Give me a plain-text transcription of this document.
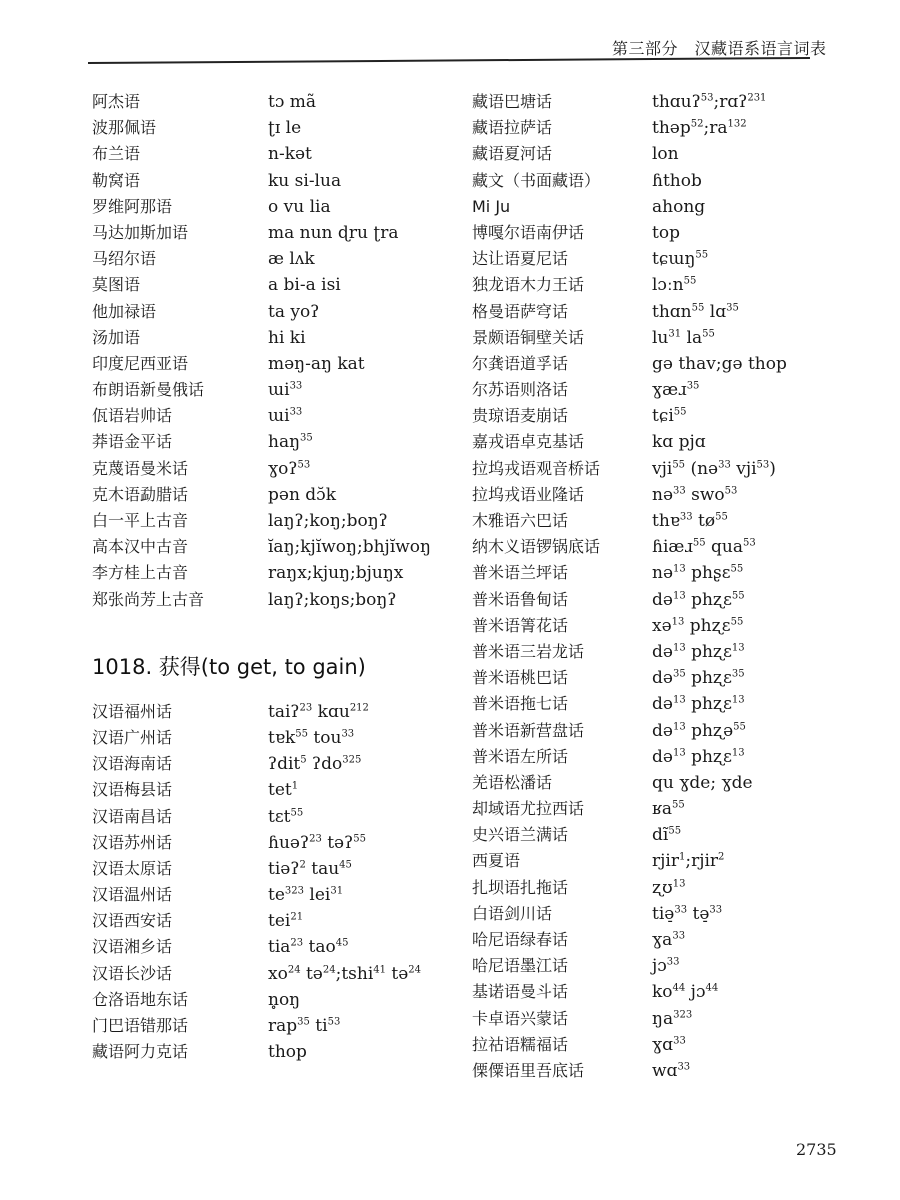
第三部分　汉藏语系语言词表
阿杰语	tɔ mã
波那佩语	ʈɪ le
布兰语	n-kət
勒窝语	ku si-lua
罗维阿那语	o vu lia
马达加斯加语	ma nun ɖru ʈra
马绍尔语	æ lʌk
莫图语	a bi-a isi
他加禄语	ta yoʔ
汤加语	hi ki
印度尼西亚语	məŋ-aŋ kat
布朗语新曼俄话	ɯi$^{33}$
佤语岩帅话	ɯi$^{33}$
莽语金平话	haŋ$^{35}$
克蔑语曼米话	ɣoʔ$^{53}$
克木语勐腊话	pən dɔ̆k
白一平上古音	laŋʔ;koŋ;boŋʔ
高本汉中古音	ĭaŋ;kjĭwoŋ;bhjĭwoŋ
李方桂上古音	raŋx;kjuŋ;bjuŋx
郑张尚芳上古音	laŋʔ;koŋs;boŋʔ
1018. 获得(to get, to gain)
汉语福州话	taiʔ$^{23}$ kɑu$^{212}$
汉语广州话	tɐk$^{55}$ tou$^{33}$
汉语海南话	ʔdit$^5$ ʔdo$^{325}$
汉语梅县话	tet$^1$
汉语南昌话	tɛt$^{55}$
汉语苏州话	ɦuəʔ$^{23}$ təʔ$^{55}$
汉语太原话	tiəʔ$^2$ tau$^{45}$
汉语温州话	$te^{323}$ lei$^{31}$
汉语西安话	tei$^{21}$
汉语湘乡话	tia$^{23}$ tao$^{45}$
汉语长沙话	$xo^{24}$ tə$^{24}$;tshi$^{41}$ tə$^{24}$
仓洛语地东话	n̥oŋ
门巴语错那话	rap$^{35}$ $ti^{53}$
藏语阿力克话	thop
藏语巴塘话	thɑuʔ$^{53}$;rɑʔ$^{231}$
藏语拉萨话	$thəp^{52};ra^{132}$
藏语夏河话	lon
藏文（书面藏语）	ɦthob
Mi Ju	ahong
博嘎尔语南伊话	top
达让语夏尼话	tɕɯŋ$^{55}$
独龙语木力王话	lɔːn$^{55}$
格曼语萨穹话	thɑn$^{55}$ lɑ$^{35}$
景颇语铜壁关话	$lu^{31}$ $la^{55}$
尔龚语道孚话	gə thav;gə thop
尔苏语则洛话	ɣæɹ$^{35}$
贵琼语麦崩话	tɕi$^{55}$
嘉戎语卓克基话	kɑ pjɑ
拉坞戎语观音桥话	vji$^{55}$ (nə$^{33}$ vji$^{53}$)
拉坞戎语业隆话	nə$^{33}$ swo$^{53}$
木雅语六巴话	thɐ$^{33}$ $tø^{55}$
纳木义语锣锅底话	ɦiæɹ$^{55}$ qua$^{53}$
普米语兰坪话	nə$^{13}$ phʂɛ$^{55}$
普米语鲁甸话	də$^{13}$ phʐɛ$^{55}$
普米语箐花话	xə$^{13}$ phʐɛ$^{55}$
普米语三岩龙话	də$^{13}$ phʐɛ$^{13}$
普米语桃巴话	də$^{35}$ phʐɛ$^{35}$
普米语拖七话	də$^{13}$ phʐɛ$^{13}$
普米语新营盘话	də$^{13}$ phʐə$^{55}$
普米语左所话	də$^{13}$ phʐɛ$^{13}$
羌语松潘话	qu ɣde; ɣde
却域语尤拉西话	ʁa$^{55}$
史兴语兰满话	$dĩ^{55}$
西夏语	rjir$^1$;rjir$^2$
扎坝语扎拖话	ʐʊ$^{13}$
白语剑川话	tiə̠$^{33}$ tə̠$^{33}$
哈尼语绿春话	ɣa$^{33}$
哈尼语墨江话	jɔ$^{33}$
基诺语曼斗话	$ko^{44}$ jɔ$^{44}$
卡卓语兴蒙话	$ŋa^{323}$
拉祜语糯福话	ɣɑ$^{33}$
傈僳语里吾底话	wɑ$^{33}$
2735
